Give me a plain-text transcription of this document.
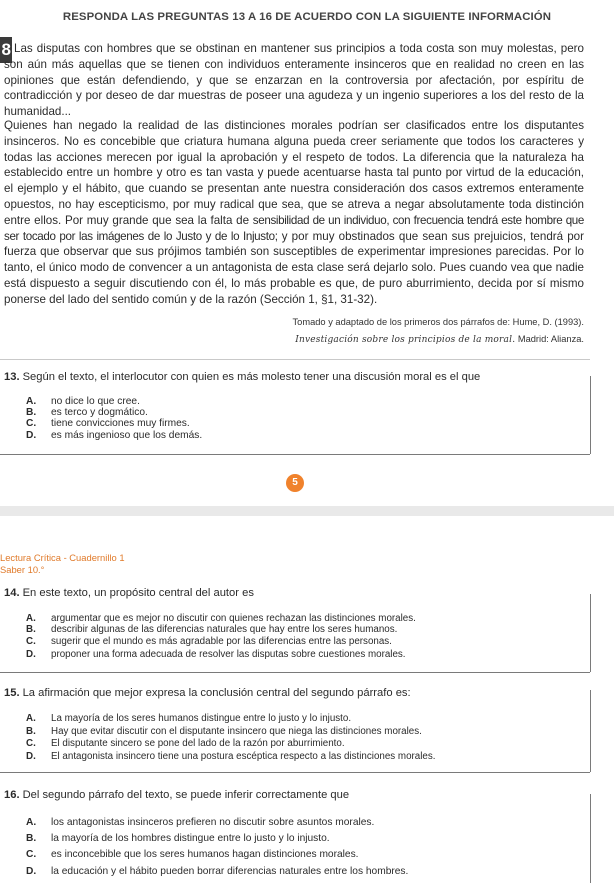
RESPONDA LAS PREGUNTAS 13 A 16 DE ACUERDO CON LA SIGUIENTE INFORMACIÓN
8 Las disputas con hombres que se obstinan en mantener sus principios a toda costa son muy molestas, pero son aún más aquellas que se tienen con individuos enteramente insinceros que en realidad no creen en las opiniones que están defendiendo, y que se enzarzan en la controversia por afectación, por espíritu de contradicción y por deseo de dar muestras de poseer una agudeza y un ingenio superiores a los del resto de la humanidad...

Quienes han negado la realidad de las distinciones morales podrían ser clasificados entre los disputantes insinceros. No es concebible que criatura humana alguna pueda creer seriamente que todos los caracteres y todas las acciones merecen por igual la aprobación y el respeto de todos. La diferencia que la naturaleza ha establecido entre un hombre y otro es tan vasta y puede acentuarse hasta tal punto por virtud de la educación, el ejemplo y el hábito, que cuando se presentan ante nuestra consideración dos casos extremos enteramente opuestos, no hay escepticismo, por muy radical que sea, que se atreva a negar absolutamente toda distinción entre ellos. Por muy grande que sea la falta de sensibilidad de un individuo, con frecuencia tendrá este hombre que ser tocado por las imágenes de lo Justo y de lo Injusto; y por muy obstinados que sean sus prejuicios, tendrá por fuerza que observar que sus prójimos también son susceptibles de experimentar impresiones parecidas. Por lo tanto, el único modo de convencer a un antagonista de esta clase será dejarlo solo. Pues cuando vea que nadie está dispuesto a seguir discutiendo con él, lo más probable es que, de puro aburrimiento, decida por sí mismo ponerse del lado del sentido común y de la razón (Sección 1, §1, 31-32).

Tomado y adaptado de los primeros dos párrafos de: Hume, D. (1993).
Investigación sobre los principios de la moral. Madrid: Alianza.
13. Según el texto, el interlocutor con quien es más molesto tener una discusión moral es el que
A. no dice lo que cree.
B. es terco y dogmático.
C. tiene convicciones muy firmes.
D. es más ingenioso que los demás.
5
Lectura Crítica - Cuadernillo 1
Saber 10.°
14. En este texto, un propósito central del autor es
A. argumentar que es mejor no discutir con quienes rechazan las distinciones morales.
B. describir algunas de las diferencias naturales que hay entre los seres humanos.
C. sugerir que el mundo es más agradable por las diferencias entre las personas.
D. proponer una forma adecuada de resolver las disputas sobre cuestiones morales.
15. La afirmación que mejor expresa la conclusión central del segundo párrafo es:
A. La mayoría de los seres humanos distingue entre lo justo y lo injusto.
B. Hay que evitar discutir con el disputante insincero que niega las distinciones morales.
C. El disputante sincero se pone del lado de la razón por aburrimiento.
D. El antagonista insincero tiene una postura escéptica respecto a las distinciones morales.
16. Del segundo párrafo del texto, se puede inferir correctamente que
A. los antagonistas insinceros prefieren no discutir sobre asuntos morales.
B. la mayoría de los hombres distingue entre lo justo y lo injusto.
C. es inconcebible que los seres humanos hagan distinciones morales.
D. la educación y el hábito pueden borrar diferencias naturales entre los hombres.
